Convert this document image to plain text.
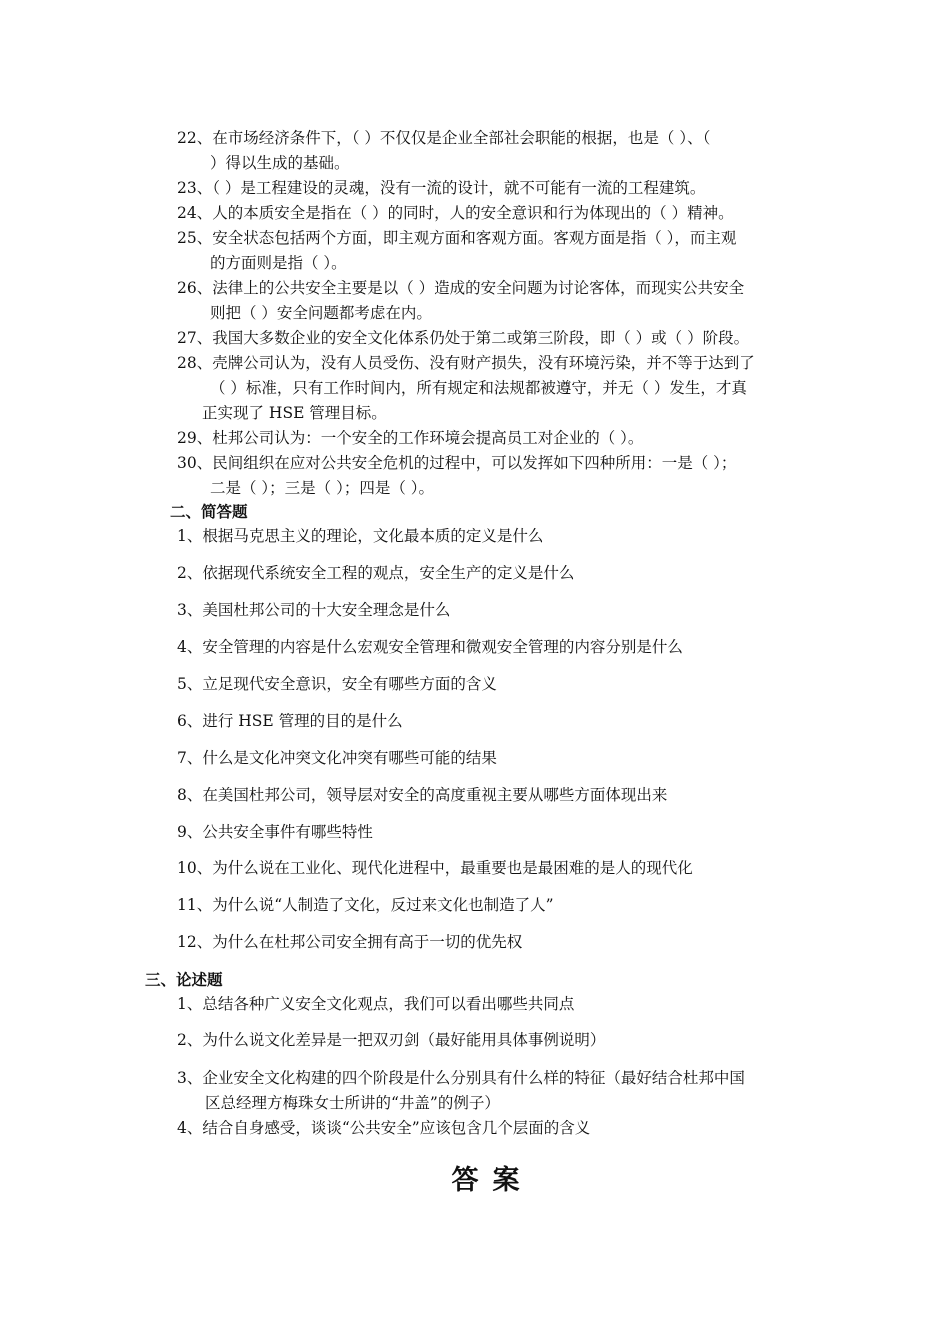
22、在市场经济条件下，（ ）不仅仅是企业全部社会职能的根据，也是（ ）、（
）得以生成的基础。
23、（ ）是工程建设的灵魂，没有一流的设计，就不可能有一流的工程建筑。
24、人的本质安全是指在（ ）的同时，人的安全意识和行为体现出的（ ）精神。
25、安全状态包括两个方面，即主观方面和客观方面。客观方面是指（ ），而主观
的方面则是指（ ）。
26、法律上的公共安全主要是以（ ）造成的安全问题为讨论客体，而现实公共安全
则把（ ）安全问题都考虑在内。
27、我国大多数企业的安全文化体系仍处于第二或第三阶段，即（ ）或（ ）阶段。
28、壳牌公司认为，没有人员受伤、没有财产损失，没有环境污染，并不等于达到了
（ ）标准，只有工作时间内，所有规定和法规都被遵守，并无（ ）发生，才真
正实现了 HSE 管理目标。
29、杜邦公司认为：一个安全的工作环境会提高员工对企业的（ ）。
30、民间组织在应对公共安全危机的过程中，可以发挥如下四种所用：一是（ ）；
二是（ ）；三是（ ）；四是（ ）。
二、简答题
1、根据马克思主义的理论，文化最本质的定义是什么
2、依据现代系统安全工程的观点，安全生产的定义是什么
3、美国杜邦公司的十大安全理念是什么
4、安全管理的内容是什么宏观安全管理和微观安全管理的内容分别是什么
5、立足现代安全意识，安全有哪些方面的含义
6、进行 HSE 管理的目的是什么
7、什么是文化冲突文化冲突有哪些可能的结果
8、在美国杜邦公司，领导层对安全的高度重视主要从哪些方面体现出来
9、公共安全事件有哪些特性
10、为什么说在工业化、现代化进程中，最重要也是最困难的是人的现代化
11、为什么说“人制造了文化，反过来文化也制造了人”
12、为什么在杜邦公司安全拥有高于一切的优先权
三、论述题
1、总结各种广义安全文化观点，我们可以看出哪些共同点
2、为什么说文化差异是一把双刃剑（最好能用具体事例说明）
3、企业安全文化构建的四个阶段是什么分别具有什么样的特征（最好结合杜邦中国
区总经理方梅珠女士所讲的“井盖”的例子）
4、结合自身感受，谈谈“公共安全”应该包含几个层面的含义
答案
